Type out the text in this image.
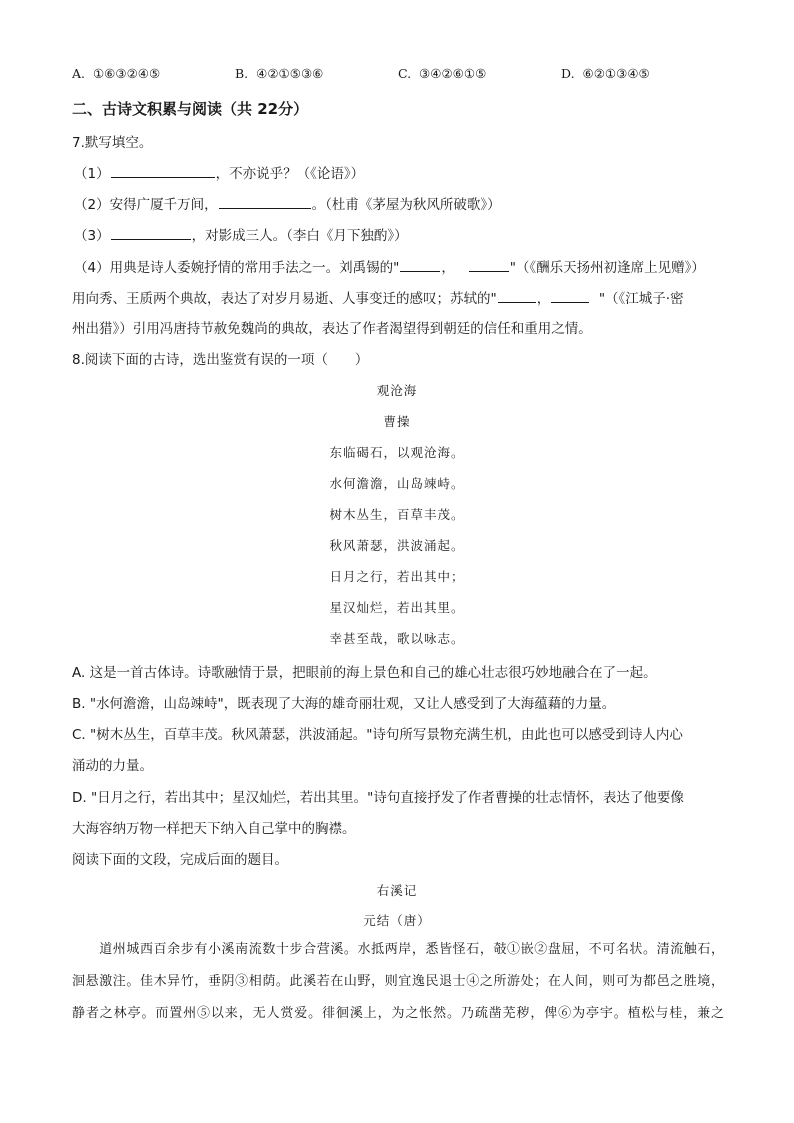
A. ①⑥③②④⑤	B. ④②①⑤③⑥	C. ③④②⑥①⑤	D. ⑥②①③④⑤
二、古诗文积累与阅读（共 22分）
7.默写填空。
（1）	，不亦说乎？（《论语》）
（2）安得广厦千万间，	。（杜甫《茅屋为秋风所破歌》）
（3）	，对影成三人。（李白《月下独酌》）
（4）用典是诗人委婉抒情的常用手法之一。刘禹锡的"	，	"（《酬乐天扬州初逢席上见赠》）
用向秀、王质两个典故，表达了对岁月易逝、人事变迁的感叹；苏轼的"	，	"（《江城子·密
州出猎》）引用冯唐持节赦免魏尚的典故，表达了作者渴望得到朝廷的信任和重用之情。
8.阅读下面的古诗，选出鉴赏有误的一项（　　）
观沧海
曹操
东临碣石，以观沧海。
水何澹澹，山岛竦峙。
树木丛生，百草丰茂。
秋风萧瑟，洪波涌起。
日月之行，若出其中；
星汉灿烂，若出其里。
幸甚至哉，歌以咏志。
A. 这是一首古体诗。诗歌融情于景，把眼前的海上景色和自己的雄心壮志很巧妙地融合在了一起。
B. "水何澹澹，山岛竦峙"，既表现了大海的雄奇丽壮观，又让人感受到了大海蕴藉的力量。
C. "树木丛生，百草丰茂。秋风萧瑟，洪波涌起。"诗句所写景物充满生机，由此也可以感受到诗人内心
涌动的力量。
D. "日月之行，若出其中；星汉灿烂，若出其里。"诗句直接抒发了作者曹操的壮志情怀，表达了他要像
大海容纳万物一样把天下纳入自己掌中的胸襟。
阅读下面的文段，完成后面的题目。
右溪记
元结（唐）
　　道州城西百余步有小溪南流数十步合营溪。水抵两岸，悉皆怪石，攲①嵌②盘屈，不可名状。清流触石，
洄悬激注。佳木异竹，垂阴③相荫。此溪若在山野，则宜逸民退士④之所游处；在人间，则可为都邑之胜境，
静者之林亭。而置州⑤以来，无人赏爱。徘徊溪上，为之怅然。乃疏凿芜秽，俾⑥为亭宇。植松与桂，兼之
